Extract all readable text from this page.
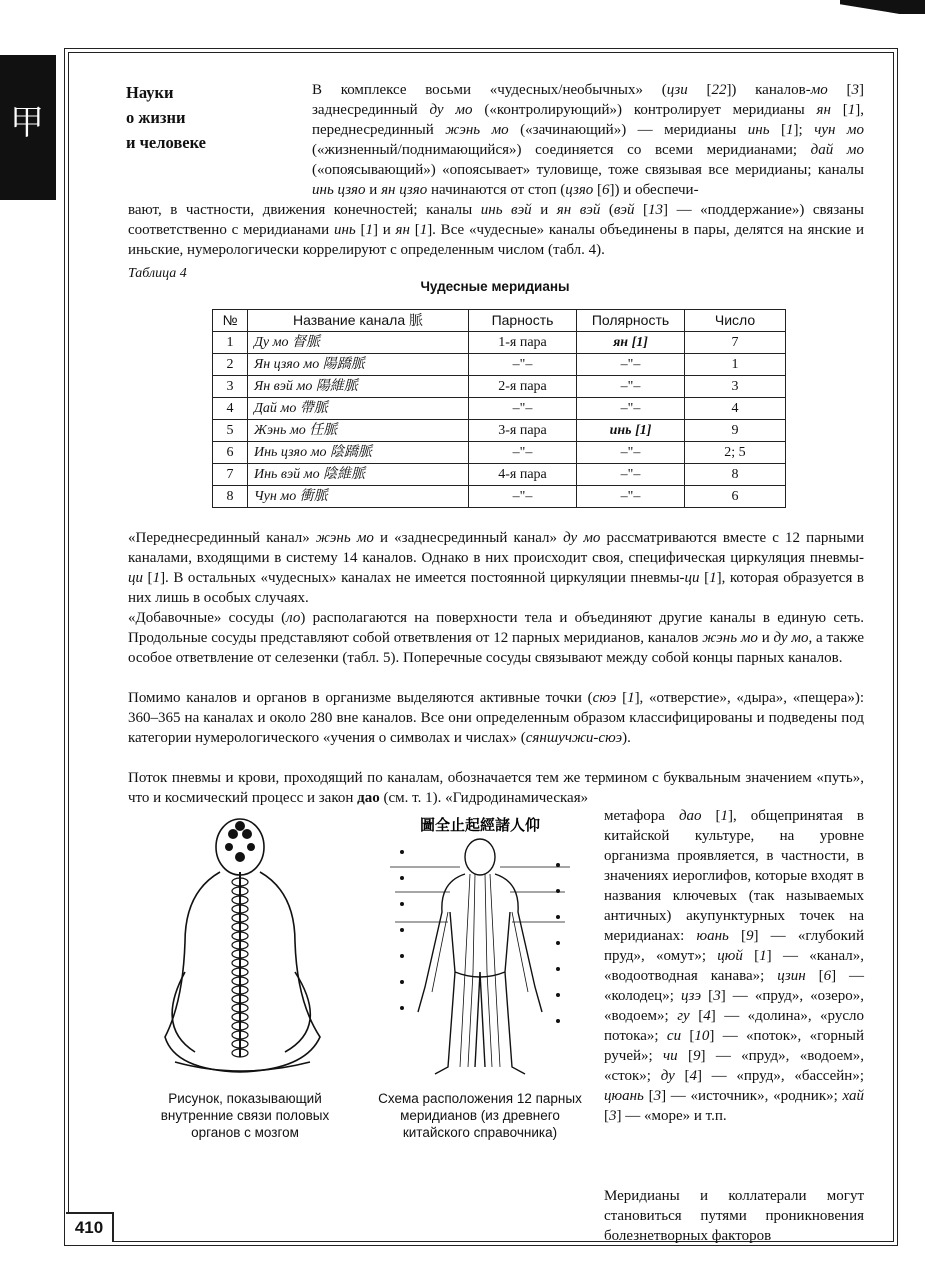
甲
410
Науки
о жизни
и человеке

В комплексе восьми «чудесных/необычных» (цзи [22]) каналов-мо [3] заднесрединный ду мо («контролирующий») контролирует меридианы ян [1], переднесрединный жэнь мо («зачинающий») — меридианы инь [1]; чун мо («жизненный/поднимающийся») соединяется со всеми меридианами; дай мо («опоясывающий») «опоясывает» туловище, тоже связывая все меридианы; каналы инь цзяо и ян цзяо начинаются от стоп (цзяо [6]) и обеспечи-

вают, в частности, движения конечностей; каналы инь вэй и ян вэй (вэй [13] — «поддержание») связаны соответственно с меридианами инь [1] и ян [1]. Все «чудесные» каналы объединены в пары, делятся на янские и иньские, нумерологически коррелируют с определенным числом (табл. 4).

Таблица 4
Чудесные меридианы
№	Название канала 脈	Парность	Полярность	Число
1	Ду мо 督脈	1-я пара	ян [1]	7
2	Ян цзяо мо 陽蹻脈	–"–	–"–	1
3	Ян вэй мо 陽維脈	2-я пара	–"–	3
4	Дай мо 帶脈	–"–	–"–	4
5	Жэнь мо 任脈	3-я пара	инь [1]	9
6	Инь цзяо мо 陰蹻脈	–"–	–"–	2; 5
7	Инь вэй мо 陰維脈	4-я пара	–"–	8
8	Чун мо 衝脈	–"–	–"–	6

«Переднесрединный канал» жэнь мо и «заднесрединный канал» ду мо рассматриваются вместе с 12 парными каналами, входящими в систему 14 каналов. Однако в них происходит своя, специфическая циркуляция пневмы-ци [1]. В остальных «чудесных» каналах не имеется постоянной циркуляции пневмы-ци [1], которая образуется в них лишь в особых случаях.

«Добавочные» сосуды (ло) располагаются на поверхности тела и объединяют другие каналы в единую сеть. Продольные сосуды представляют собой ответвления от 12 парных меридианов, каналов жэнь мо и ду мо, а также особое ответвление от селезенки (табл. 5). Поперечные сосуды связывают между собой концы парных каналов.

Помимо каналов и органов в организме выделяются активные точки (сюэ [1], «отверстие», «дыра», «пещера»): 360–365 на каналах и около 280 вне каналов. Все они определенным образом классифицированы и подведены под категории нумерологического «учения о символах и числах» (сяншучжи-сюэ).

Поток пневмы и крови, проходящий по каналам, обозначается тем же термином с буквальным значением «путь», что и космический процесс и закон дао (см. т. 1). «Гидродинамическая»

метафора дао [1], общепринятая в китайской культуре, на уровне организма проявляется, в частности, в значениях иероглифов, которые входят в названия ключевых (так называемых античных) акупунктурных точек на меридианах: юань [9] — «глубокий пруд», «омут»; цюй [1] — «канал», «водоотводная канава»; цзин [6] — «колодец»; цзэ [3] — «пруд», «озеро», «водоем»; гу [4] — «долина», «русло потока»; си [10] — «поток», «горный ручей»; чи [9] — «пруд», «водоем», «сток»; ду [4] — «пруд», «бассейн»; цюань [3] — «источник», «родник»; хай [3] — «море» и т.п.

Меридианы и коллатерали могут становиться путями проникновения болезнетворных факторов

圖全止起經諸人仰
Рисунок, показывающий внутренние связи половых органов с мозгом
Схема расположения 12 парных меридианов (из древнего китайского справочника)
